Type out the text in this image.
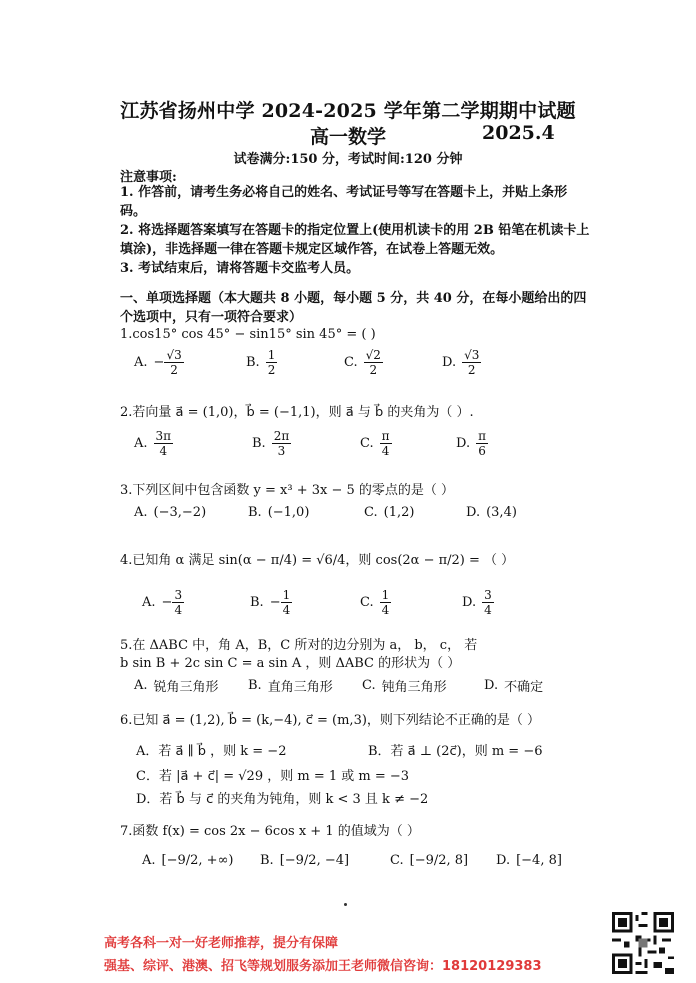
江苏省扬州中学 2024-2025 学年第二学期期中试题
高一数学	2025.4
试卷满分:150 分，考试时间:120 分钟
注意事项:
1. 作答前，请考生务必将自己的姓名、考试证号等写在答题卡上，并贴上条形码。
2. 将选择题答案填写在答题卡的指定位置上(使用机读卡的用 2B 铅笔在机读卡上填涂)，非选择题一律在答题卡规定区域作答，在试卷上答题无效。
3. 考试结束后，请将答题卡交监考人员。
一、单项选择题（本大题共 8 小题，每小题 5 分，共 40 分，在每小题给出的四个选项中，只有一项符合要求）
1.cos15° cos 45° − sin15° sin 45° = ( )
A. − $\frac{√3}{2}$	B. $\frac{1}{2}$	C. $\frac{√2}{2}$	D. $\frac{√3}{2}$
2.若向量 a⃗ = (1,0)，b⃗ = (−1,1)，则 a⃗ 与 b⃗ 的夹角为（ ）.
A. $\frac{3\pi}{4}$	B. $\frac{2\pi}{3}$	C. $\frac{\pi}{4}$	D. $\frac{\pi}{6}$
3.下列区间中包含函数 y = x³ + 3x − 5 的零点的是（ ）
A. (−3,−2)	B. (−1,0)	C. (1,2)	D. (3,4)
4.已知角 α 满足 sin(α − π/4) = √6/4，则 cos(2α − π/2) = （ ）
A. − $\frac{3}{4}$	B. − $\frac{1}{4}$	C. $\frac{1}{4}$	D. $\frac{3}{4}$
5.在 ΔABC 中，角 A，B，C 所对的边分别为 a， b， c， 若
b sin B + 2c sin C = a sin A ，则 ΔABC 的形状为（ ）
A. 锐角三角形 B. 直角三角形 C. 钝角三角形	D. 不确定
6.已知 a⃗ = (1,2), b⃗ = (k,−4), c⃗ = (m,3)，则下列结论不正确的是（ ）
A．若 a⃗ ∥ b⃗ ，则 k = −2	B．若 a⃗ ⊥ (2c⃗)，则 m = −6
C．若 |a⃗ + c⃗| = √29 ，则 m = 1 或 m = −3
D．若 b⃗ 与 c⃗ 的夹角为钝角，则 k < 3 且 k ≠ −2
7.函数 f(x) = cos 2x − 6cos x + 1 的值域为（ ）
A. [−9/2, +∞) B. [−9/2, −4]	C. [−9/2, 8] D. [−4, 8]
高考各科一对一好老师推荐，提分有保障
强基、综评、港澳、招飞等规划服务添加王老师微信咨询：18120129383
